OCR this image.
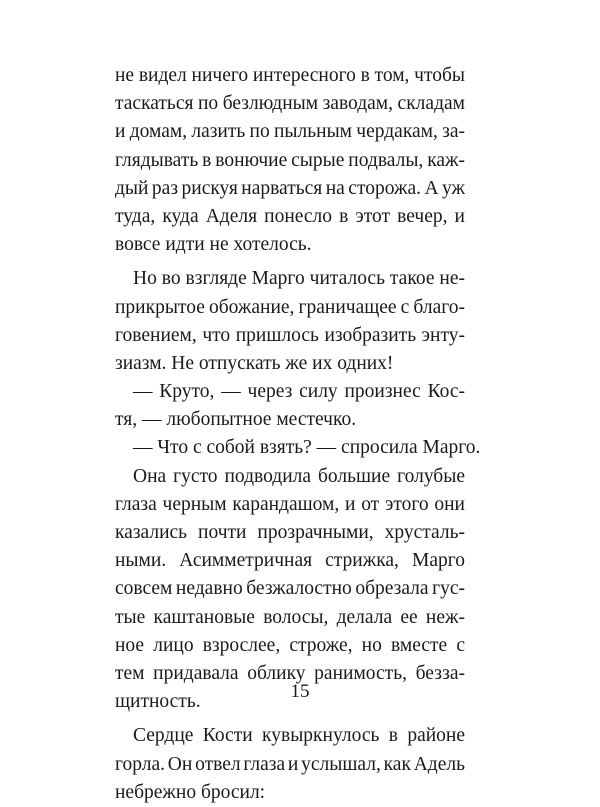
не видел ничего интересного в том, чтобы
таскаться по безлюдным заводам, складам
и домам, лазить по пыльным чердакам, за-
глядывать в вонючие сырые подвалы, каж-
дый раз рискуя нарваться на сторожа. А уж
туда, куда Аделя понесло в этот вечер, и
вовсе идти не хотелось.
Но во взгляде Марго читалось такое не-
прикрытое обожание, граничащее с благо-
говением, что пришлось изобразить энту-
зиазм. Не отпускать же их одних!
— Круто, — через силу произнес Кос-
тя, — любопытное местечко.
— Что с собой взять? — спросила Марго.
Она густо подводила большие голубые
глаза черным карандашом, и от этого они
казались почти прозрачными, хрусталь-
ными. Асимметричная стрижка, Марго
совсем недавно безжалостно обрезала гус-
тые каштановые волосы, делала ее неж-
ное лицо взрослее, строже, но вместе с
тем придавала облику ранимость, безза-
щитность.
Сердце Кости кувыркнулось в районе
горла. Он отвел глаза и услышал, как Адель
небрежно бросил:
15
